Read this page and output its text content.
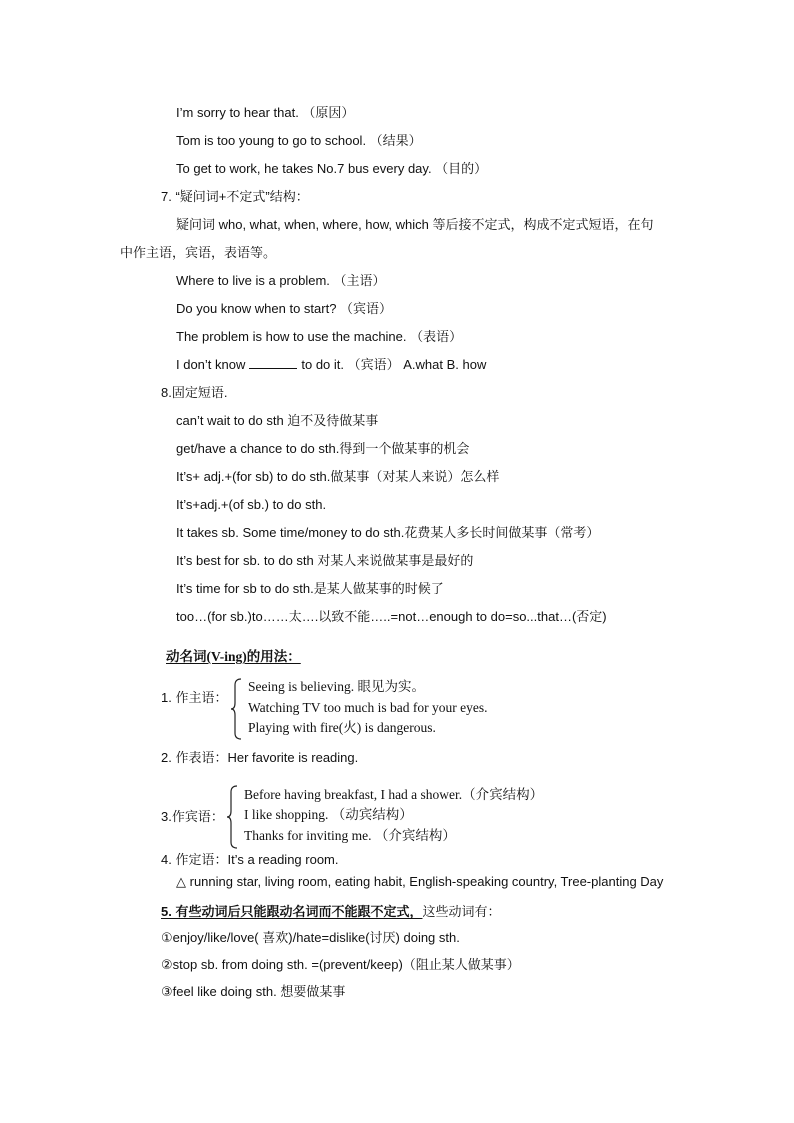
I’m sorry to hear that. （原因）
Tom is too young to go to school. （结果）
To get to work, he takes No.7 bus every day. （目的）
7. “疑问词+不定式”结构：
疑问词 who, what, when, where, how, which 等后接不定式，构成不定式短语，在句
中作主语，宾语，表语等。
Where to live is a problem. （主语）
Do you know when to start? （宾语）
The problem is how to use the machine. （表语）
I don’t know	to do it. （宾语） A.what B. how
8.固定短语.
can’t wait to do sth 迫不及待做某事
get/have a chance to do sth.得到一个做某事的机会
It’s+ adj.+(for sb) to do sth.做某事（对某人来说）怎么样
It’s+adj.+(of sb.) to do sth.
It takes sb. Some time/money to do sth.花费某人多长时间做某事（常考）
It’s best for sb. to do sth 对某人来说做某事是最好的
It’s time for sb to do sth.是某人做某事的时候了
too…(for sb.)to……太….以致不能…..=not…enough to do=so...that…(否定)
动名词(V-ing)的用法：
1. 作主语：
Seeing is believing. 眼见为实。
Watching TV too much is bad for your eyes.
Playing with fire(火) is dangerous.
2. 作表语：Her favorite is reading.
3.作宾语：
Before having breakfast, I had a shower.（介宾结构）
I like shopping. （动宾结构）
Thanks for inviting me. （介宾结构）
4. 作定语：It’s a reading room.
△ running star, living room, eating habit, English-speaking country, Tree-planting Day
5. 有些动词后只能跟动名词而不能跟不定式，这些动词有：
①enjoy/like/love( 喜欢)/hate=dislike(讨厌) doing sth.
②stop sb. from doing sth. =(prevent/keep)（阻止某人做某事）
③feel like doing sth. 想要做某事
